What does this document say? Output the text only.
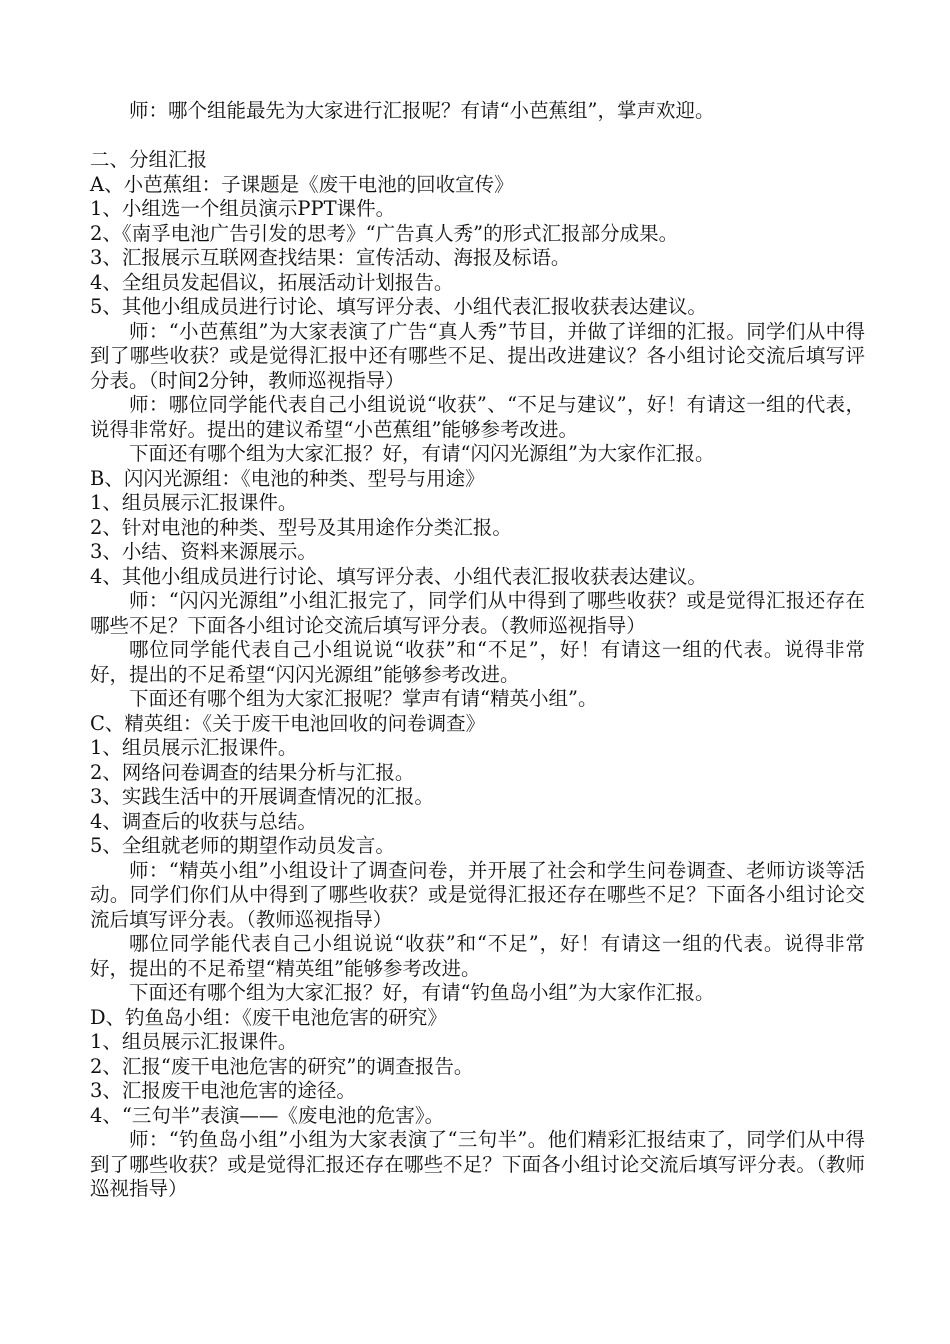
师：哪个组能最先为大家进行汇报呢？有请“小芭蕉组”，掌声欢迎。

二、分组汇报

A、小芭蕉组：子课题是《废干电池的回收宣传》

1、小组选一个组员演示PPT课件。

2、《南孚电池广告引发的思考》“广告真人秀”的形式汇报部分成果。

3、汇报展示互联网查找结果：宣传活动、海报及标语。

4、全组员发起倡议，拓展活动计划报告。

5、其他小组成员进行讨论、填写评分表、小组代表汇报收获表达建议。

师：“小芭蕉组”为大家表演了广告“真人秀”节目，并做了详细的汇报。同学们从中得到了哪些收获？或是觉得汇报中还有哪些不足、提出改进建议？各小组讨论交流后填写评分表。（时间2分钟，教师巡视指导）

师：哪位同学能代表自己小组说说“收获”、“不足与建议”，好！有请这一组的代表，说得非常好。提出的建议希望“小芭蕉组”能够参考改进。

下面还有哪个组为大家汇报？好，有请“闪闪光源组”为大家作汇报。

B、闪闪光源组：《电池的种类、型号与用途》

1、组员展示汇报课件。

2、针对电池的种类、型号及其用途作分类汇报。

3、小结、资料来源展示。

4、其他小组成员进行讨论、填写评分表、小组代表汇报收获表达建议。

师：“闪闪光源组”小组汇报完了，同学们从中得到了哪些收获？或是觉得汇报还存在哪些不足？下面各小组讨论交流后填写评分表。（教师巡视指导）

哪位同学能代表自己小组说说“收获”和“不足”，好！有请这一组的代表。说得非常好，提出的不足希望“闪闪光源组”能够参考改进。

下面还有哪个组为大家汇报呢？掌声有请“精英小组”。

C、精英组：《关于废干电池回收的问卷调查》

1、组员展示汇报课件。

2、网络问卷调查的结果分析与汇报。

3、实践生活中的开展调查情况的汇报。

4、调查后的收获与总结。

5、全组就老师的期望作动员发言。

师：“精英小组”小组设计了调查问卷，并开展了社会和学生问卷调查、老师访谈等活动。同学们你们从中得到了哪些收获？或是觉得汇报还存在哪些不足？下面各小组讨论交流后填写评分表。（教师巡视指导）

哪位同学能代表自己小组说说“收获”和“不足”，好！有请这一组的代表。说得非常好，提出的不足希望“精英组”能够参考改进。

下面还有哪个组为大家汇报？好，有请“钓鱼岛小组”为大家作汇报。

D、钓鱼岛小组：《废干电池危害的研究》

1、组员展示汇报课件。

2、汇报“废干电池危害的研究”的调查报告。

3、汇报废干电池危害的途径。

4、“三句半”表演——《废电池的危害》。

师：“钓鱼岛小组”小组为大家表演了“三句半”。他们精彩汇报结束了，同学们从中得到了哪些收获？或是觉得汇报还存在哪些不足？下面各小组讨论交流后填写评分表。（教师巡视指导）
